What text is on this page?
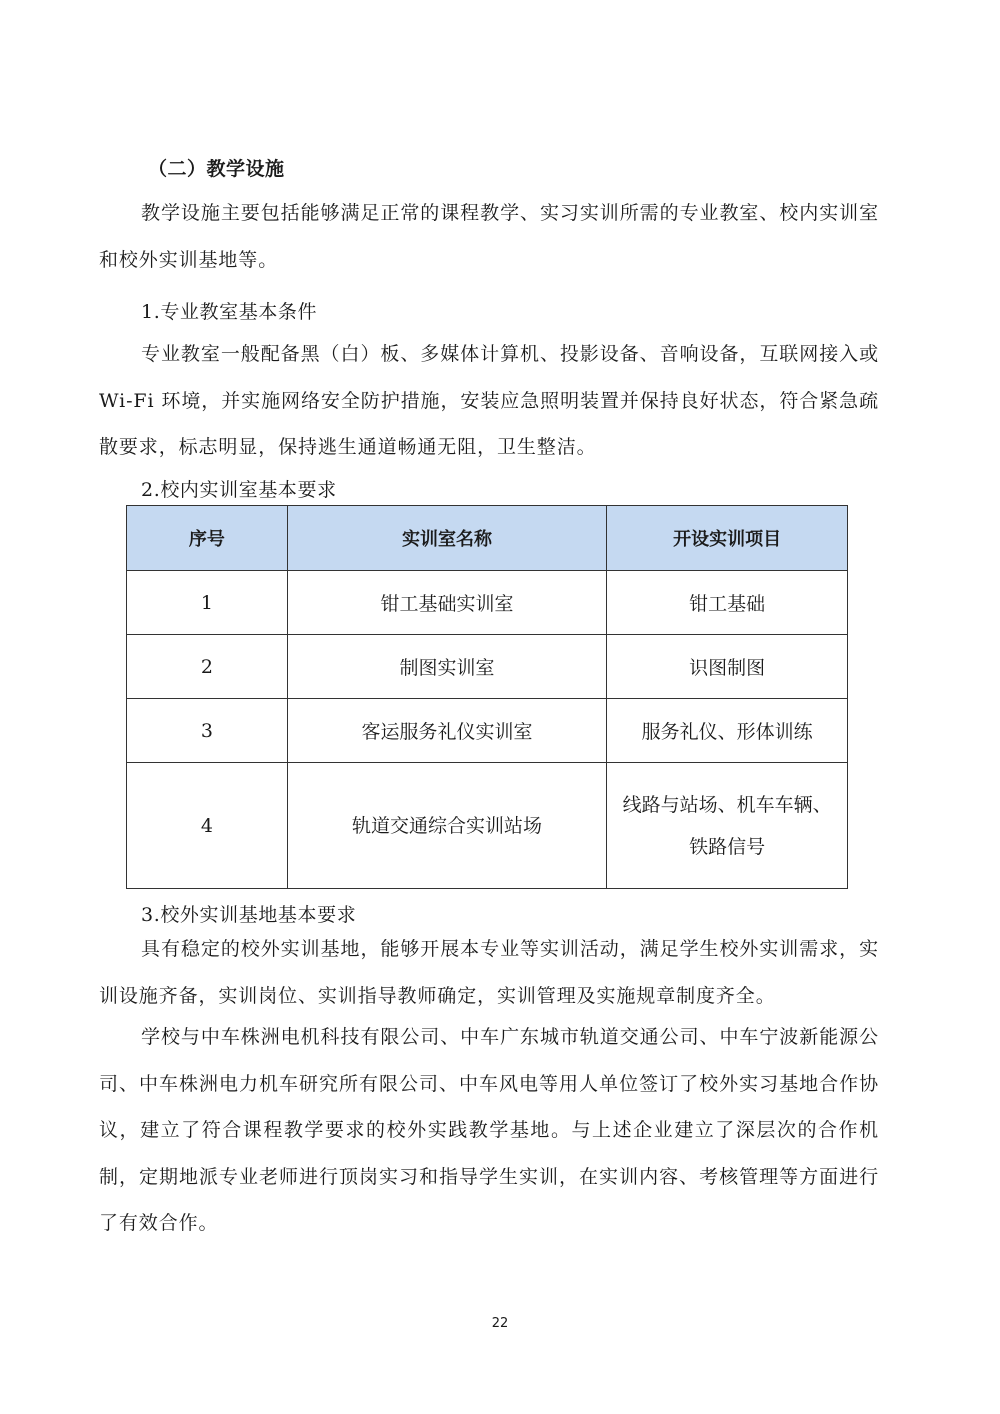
（二）教学设施
教学设施主要包括能够满足正常的课程教学、实习实训所需的专业教室、校内实训室和校外实训基地等。
1.专业教室基本条件
专业教室一般配备黑（白）板、多媒体计算机、投影设备、音响设备，互联网接入或 Wi-Fi 环境，并实施网络安全防护措施，安装应急照明装置并保持良好状态，符合紧急疏散要求，标志明显，保持逃生通道畅通无阻，卫生整洁。
2.校内实训室基本要求
序号	实训室名称	开设实训项目
1	钳工基础实训室	钳工基础
2	制图实训室	识图制图
3	客运服务礼仪实训室	服务礼仪、形体训练
4	轨道交通综合实训站场	线路与站场、机车车辆、
铁路信号
3.校外实训基地基本要求
具有稳定的校外实训基地，能够开展本专业等实训活动，满足学生校外实训需求，实训设施齐备，实训岗位、实训指导教师确定，实训管理及实施规章制度齐全。
学校与中车株洲电机科技有限公司、中车广东城市轨道交通公司、中车宁波新能源公司、中车株洲电力机车研究所有限公司、中车风电等用人单位签订了校外实习基地合作协议，建立了符合课程教学要求的校外实践教学基地。与上述企业建立了深层次的合作机制，定期地派专业老师进行顶岗实习和指导学生实训，在实训内容、考核管理等方面进行了有效合作。
22
